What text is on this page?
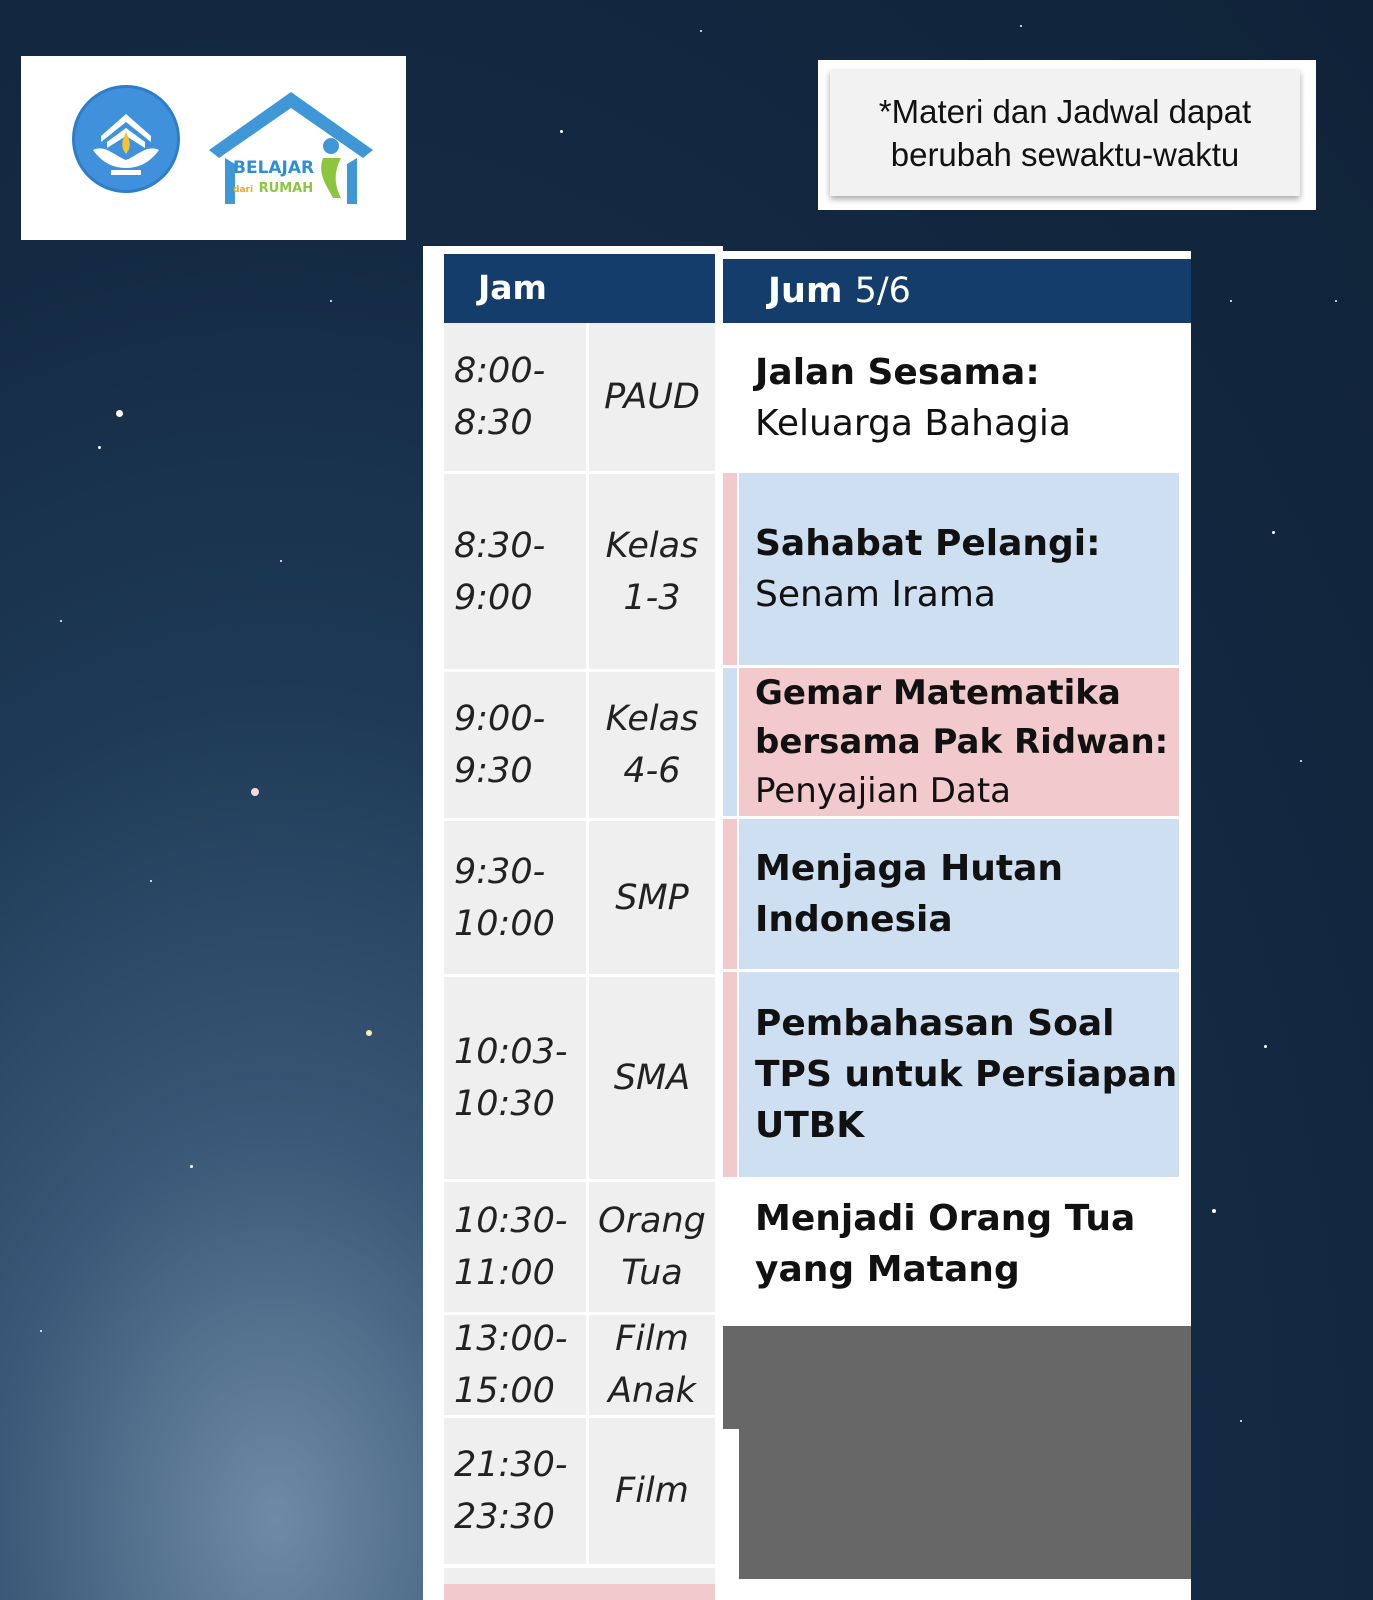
BELAJAR
dari RUMAH
*Materi dan Jadwal dapat
berubah sewaktu-waktu
Jam
8:00-
8:30
PAUD
8:30-
9:00
Kelas
1-3
9:00-
9:30
Kelas
4-6
9:30-
10:00
SMP
10:03-
10:30
SMA
10:30-
11:00
Orang
Tua
13:00-
15:00
Film
Anak
21:30-
23:30
Film
Jum 5/6
Jalan Sesama:
Keluarga Bahagia
Sahabat Pelangi:
Senam Irama
Gemar Matematika bersama Pak Ridwan:
Penyajian Data
Menjaga Hutan Indonesia
Pembahasan Soal TPS untuk Persiapan UTBK
Menjadi Orang Tua yang Matang
